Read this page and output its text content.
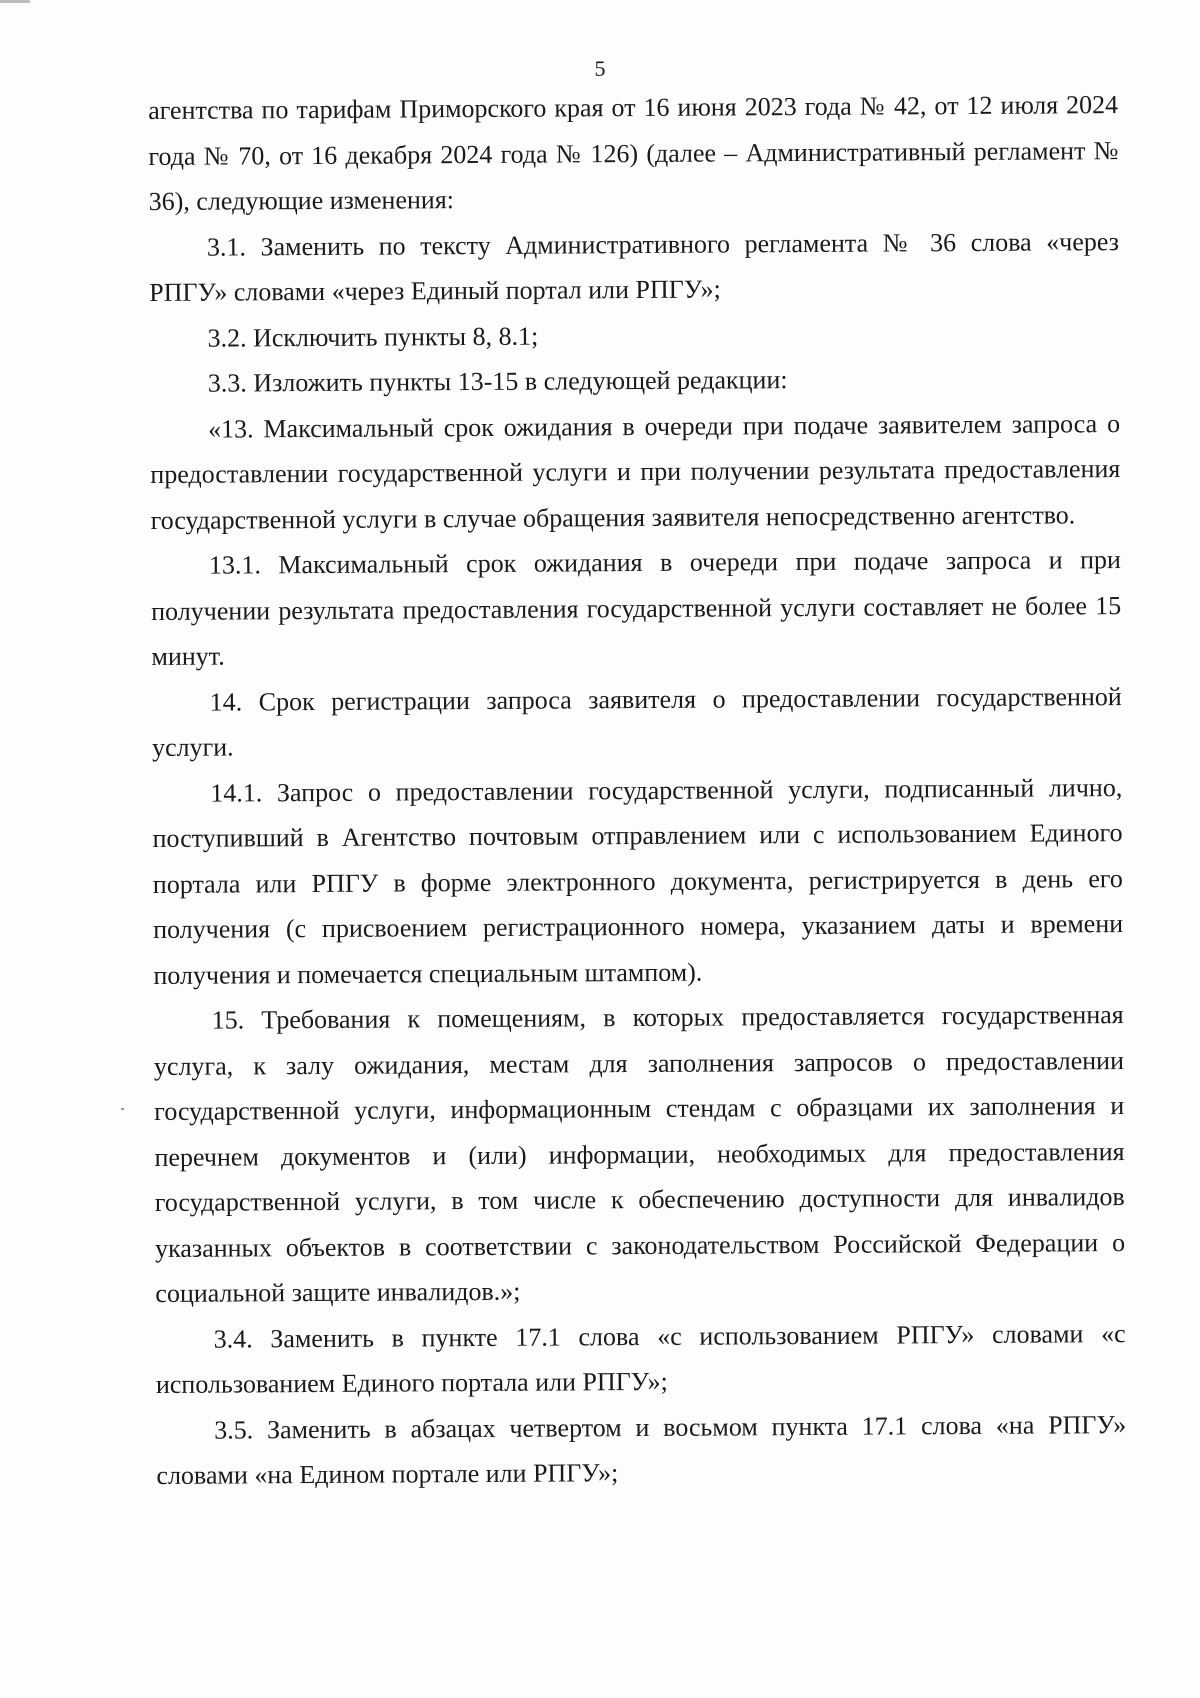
5

агентства по тарифам Приморского края от 16 июня 2023 года № 42, от 12 июля 2024 года № 70, от 16 декабря 2024 года № 126) (далее – Административный регламент № 36), следующие изменения:

3.1. Заменить по тексту Административного регламента № 36 слова «через РПГУ» словами «через Единый портал или РПГУ»;

3.2. Исключить пункты 8, 8.1;

3.3. Изложить пункты 13-15 в следующей редакции:

«13. Максимальный срок ожидания в очереди при подаче заявителем запроса о предоставлении государственной услуги и при получении результата предоставления государственной услуги в случае обращения заявителя непосредственно агентство.

13.1. Максимальный срок ожидания в очереди при подаче запроса и при получении результата предоставления государственной услуги составляет не более 15 минут.

14. Срок регистрации запроса заявителя о предоставлении государственной услуги.

14.1. Запрос о предоставлении государственной услуги, подписанный лично, поступивший в Агентство почтовым отправлением или с использованием Единого портала или РПГУ в форме электронного документа, регистрируется в день его получения (с присвоением регистрационного номера, указанием даты и времени получения и помечается специальным штампом).

15. Требования к помещениям, в которых предоставляется государственная услуга, к залу ожидания, местам для заполнения запросов о предоставлении государственной услуги, информационным стендам с образцами их заполнения и перечнем документов и (или) информации, необходимых для предоставления государственной услуги, в том числе к обеспечению доступности для инвалидов указанных объектов в соответствии с законодательством Российской Федерации о социальной защите инвалидов.»;

3.4. Заменить в пункте 17.1 слова «с использованием РПГУ» словами «с использованием Единого портала или РПГУ»;

3.5. Заменить в абзацах четвертом и восьмом пункта 17.1 слова «на РПГУ» словами «на Едином портале или РПГУ»;
